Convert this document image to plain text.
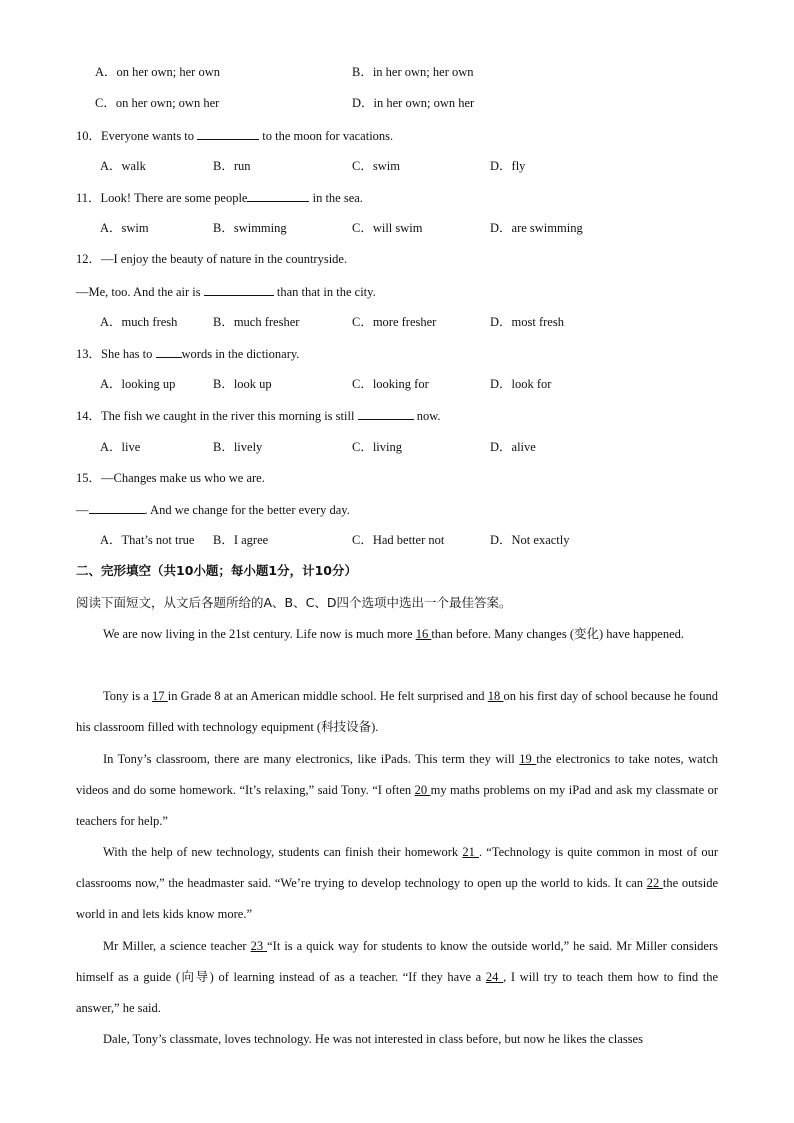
A．on her own; her own	B．in her own; her own
C．on her own; own her	D．in her own; own her
10．Everyone wants to	to the moon for vacations.
A．walk	B．run	C．swim	D．fly
11．Look! There are some people	in the sea.
A．swim	B．swimming	C．will swim	D．are swimming
12．—I enjoy the beauty of nature in the countryside.
—Me, too. And the air is	than that in the city.
A．much fresh	B．much fresher	C．more fresher	D．most fresh
13．She has to words in the dictionary.
A．looking up	B．look up	C．looking for	D．look for
14．The fish we caught in the river this morning is still	now.
A．live	B．lively	C．living	D．alive
15．—Changes make us who we are.
—	. And we change for the better every day.
A．That’s not true B．I agree	C．Had better not	D．Not exactly
二、完形填空（共10小题；每小题1分，计10分）
阅读下面短文，从文后各题所给的A、B、C、D四个选项中选出一个最佳答案。
We are now living in the 21st century. Life now is much more 16 than before. Many changes (变化) have happened.
Tony is a 17 in Grade 8 at an American middle school. He felt surprised and 18 on his first day of school because he found his classroom filled with technology equipment (科技设备).
In Tony’s classroom, there are many electronics, like iPads. This term they will 19 the electronics to take notes, watch videos and do some homework. “It’s relaxing,” said Tony. “I often 20 my maths problems on my iPad and ask my classmate or teachers for help.”
With the help of new technology, students can finish their homework 21 . “Technology is quite common in most of our classrooms now,” the headmaster said. “We’re trying to develop technology to open up the world to kids. It can 22 the outside world in and lets kids know more.”
Mr Miller, a science teacher 23 “It is a quick way for students to know the outside world,” he said. Mr Miller considers himself as a guide (向导) of learning instead of as a teacher. “If they have a 24 , I will try to teach them how to find the answer,” he said.
Dale, Tony’s classmate, loves technology. He was not interested in class before, but now he likes the classes
